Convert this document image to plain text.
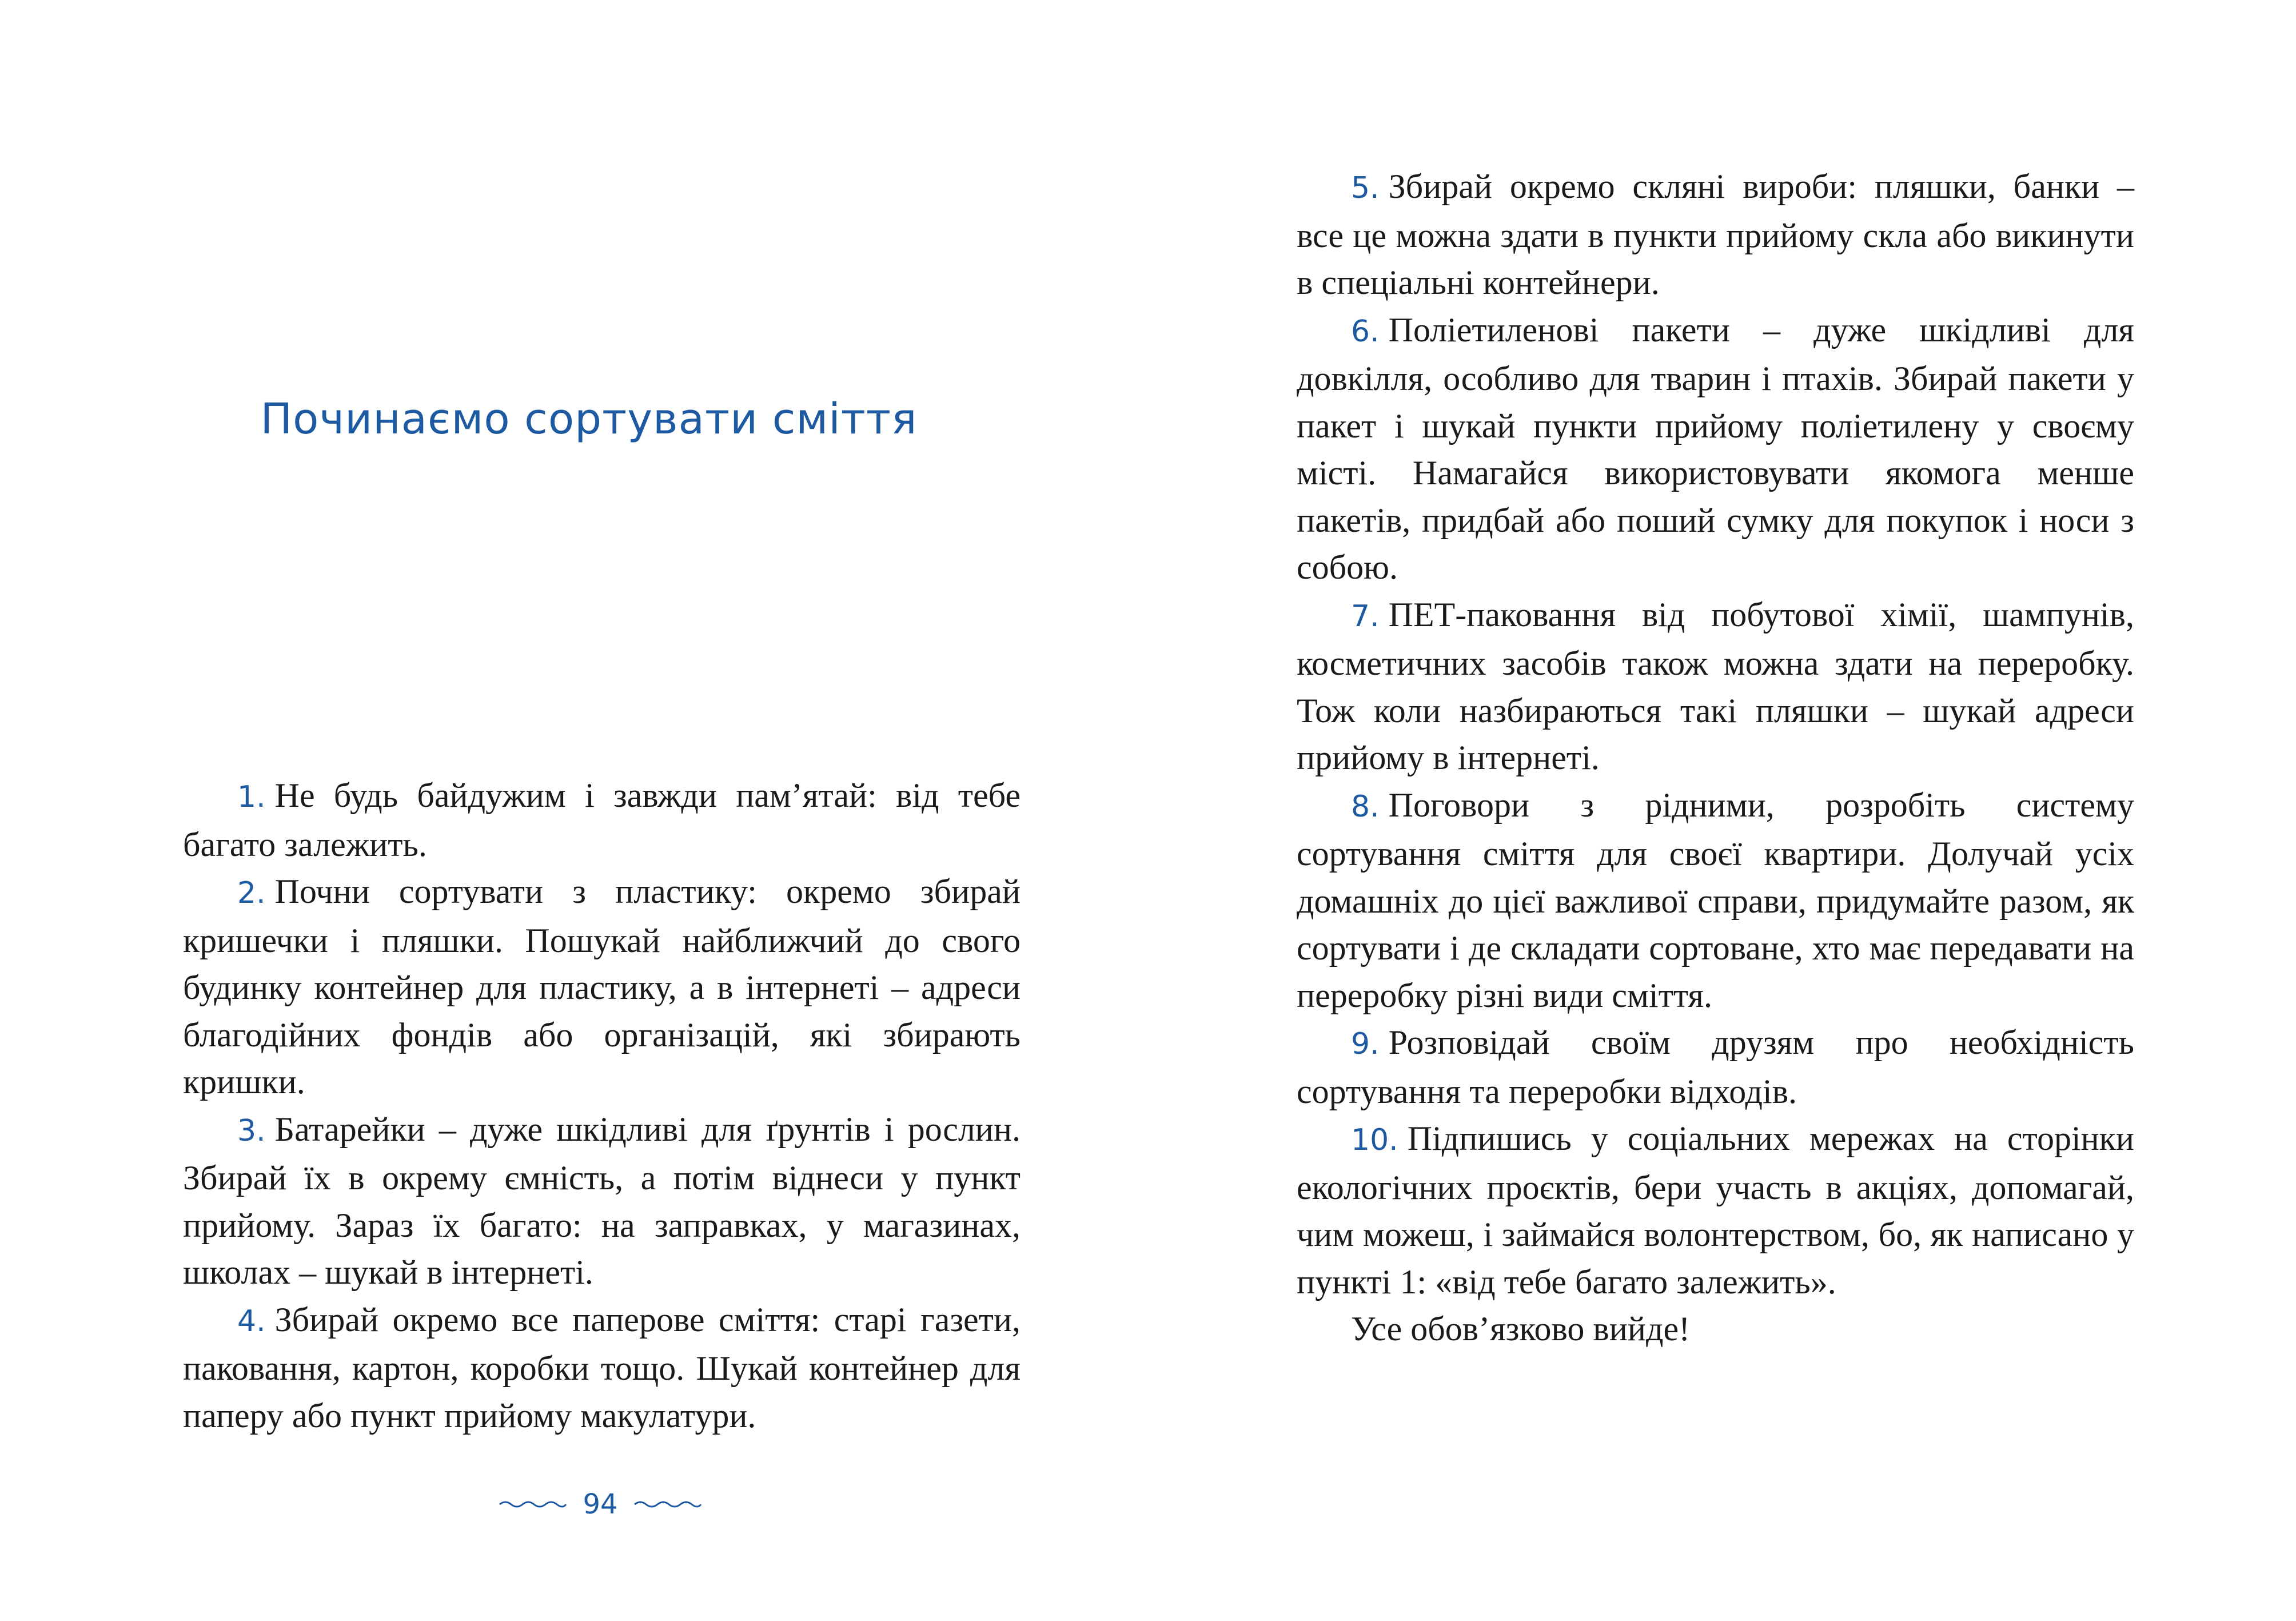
Починаємо сортувати сміття

1. Не будь байдужим і завжди пам’ятай: від тебе багато залежить.

2. Почни сортувати з пластику: окремо збирай кришечки і пляшки. Пошукай найближчий до свого будинку контейнер для пластику, а в інтернеті – адреси благодійних фондів або організацій, які збирають кришки.

3. Батарейки – дуже шкідливі для ґрунтів і рослин. Збирай їх в окрему ємність, а потім віднеси у пункт прийому. Зараз їх багато: на заправках, у магазинах, школах – шукай в інтернеті.

4. Збирай окремо все паперове сміття: старі газети, паковання, картон, коробки тощо. Шукай контейнер для паперу або пункт прийому макулатури.

94

5. Збирай окремо скляні вироби: пляшки, банки – все це можна здати в пункти прийому скла або викинути в спеціальні контейнери.

6. Поліетиленові пакети – дуже шкідливі для довкілля, особливо для тварин і птахів. Збирай пакети у пакет і шукай пункти прийому поліетилену у своєму місті. Намагайся використовувати якомога менше пакетів, придбай або поший сумку для покупок і носи з собою.

7. ПЕТ-паковання від побутової хімії, шампунів, косметичних засобів також можна здати на переробку. Тож коли назбираються такі пляшки – шукай адреси прийому в інтернеті.

8. Поговори з рідними, розробіть систему сортування сміття для своєї квартири. Долучай усіх домашніх до цієї важливої справи, придумайте разом, як сортувати і де складати сортоване, хто має передавати на переробку різні види сміття.

9. Розповідай своїм друзям про необхідність сортування та переробки відходів.

10. Підпишись у соціальних мережах на сторінки екологічних проєктів, бери участь в акціях, допомагай, чим можеш, і займайся волонтерством, бо, як написано у пункті 1: «від тебе багато залежить».

Усе обов’язково вийде!
